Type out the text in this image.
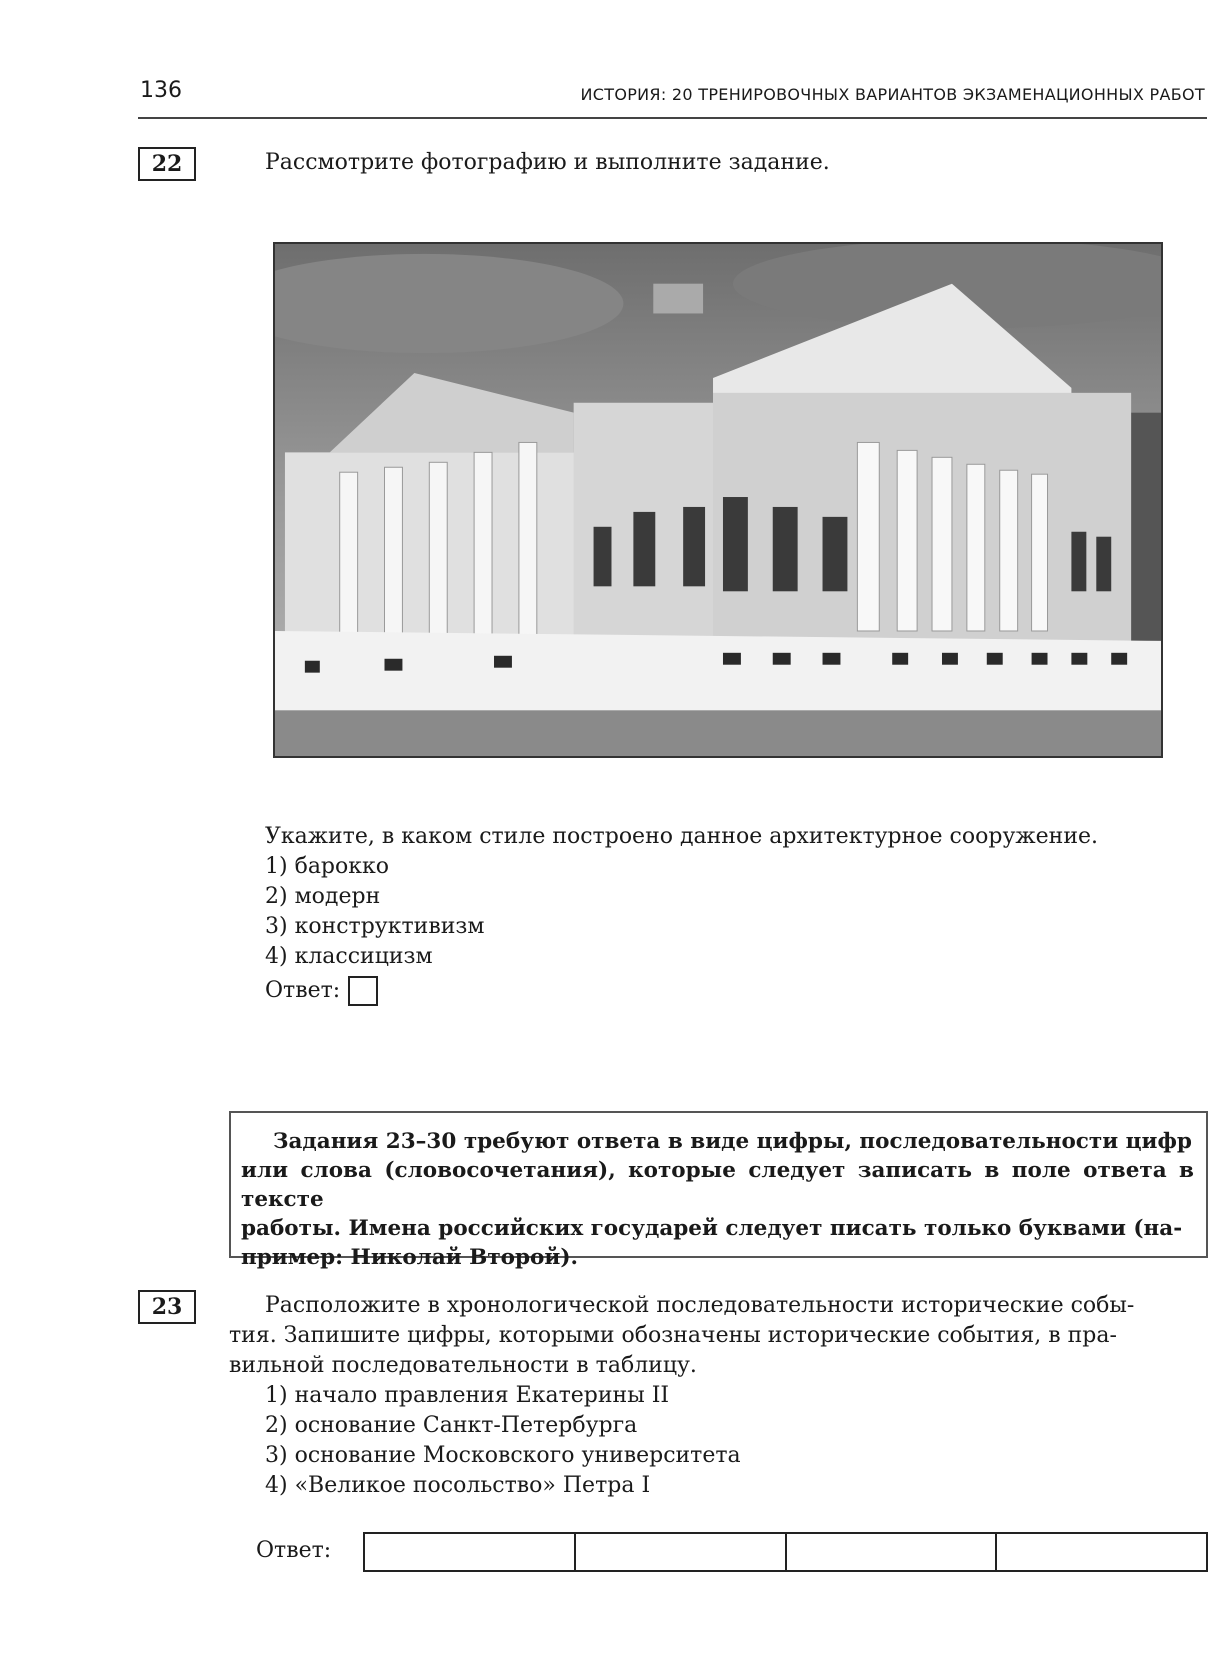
136	ИСТОРИЯ: 20 ТРЕНИРОВОЧНЫХ ВАРИАНТОВ ЭКЗАМЕНАЦИОННЫХ РАБОТ
22	Рассмотрите фотографию и выполните задание.
Укажите, в каком стиле построено данное архитектурное сооружение.
1) барокко
2) модерн
3) конструктивизм
4) классицизм
Ответ:
Задания 23–30 требуют ответа в виде цифры, последовательности цифр
или слова (словосочетания), которые следует записать в поле ответа в тексте
работы. Имена российских государей следует писать только буквами (на-
пример: Николай Второй).
23	Расположите в хронологической последовательности исторические собы-
тия. Запишите цифры, которыми обозначены исторические события, в пра-
вильной последовательности в таблицу.
1) начало правления Екатерины II
2) основание Санкт-Петербурга
3) основание Московского университета
4) «Великое посольство» Петра I
Ответ:
